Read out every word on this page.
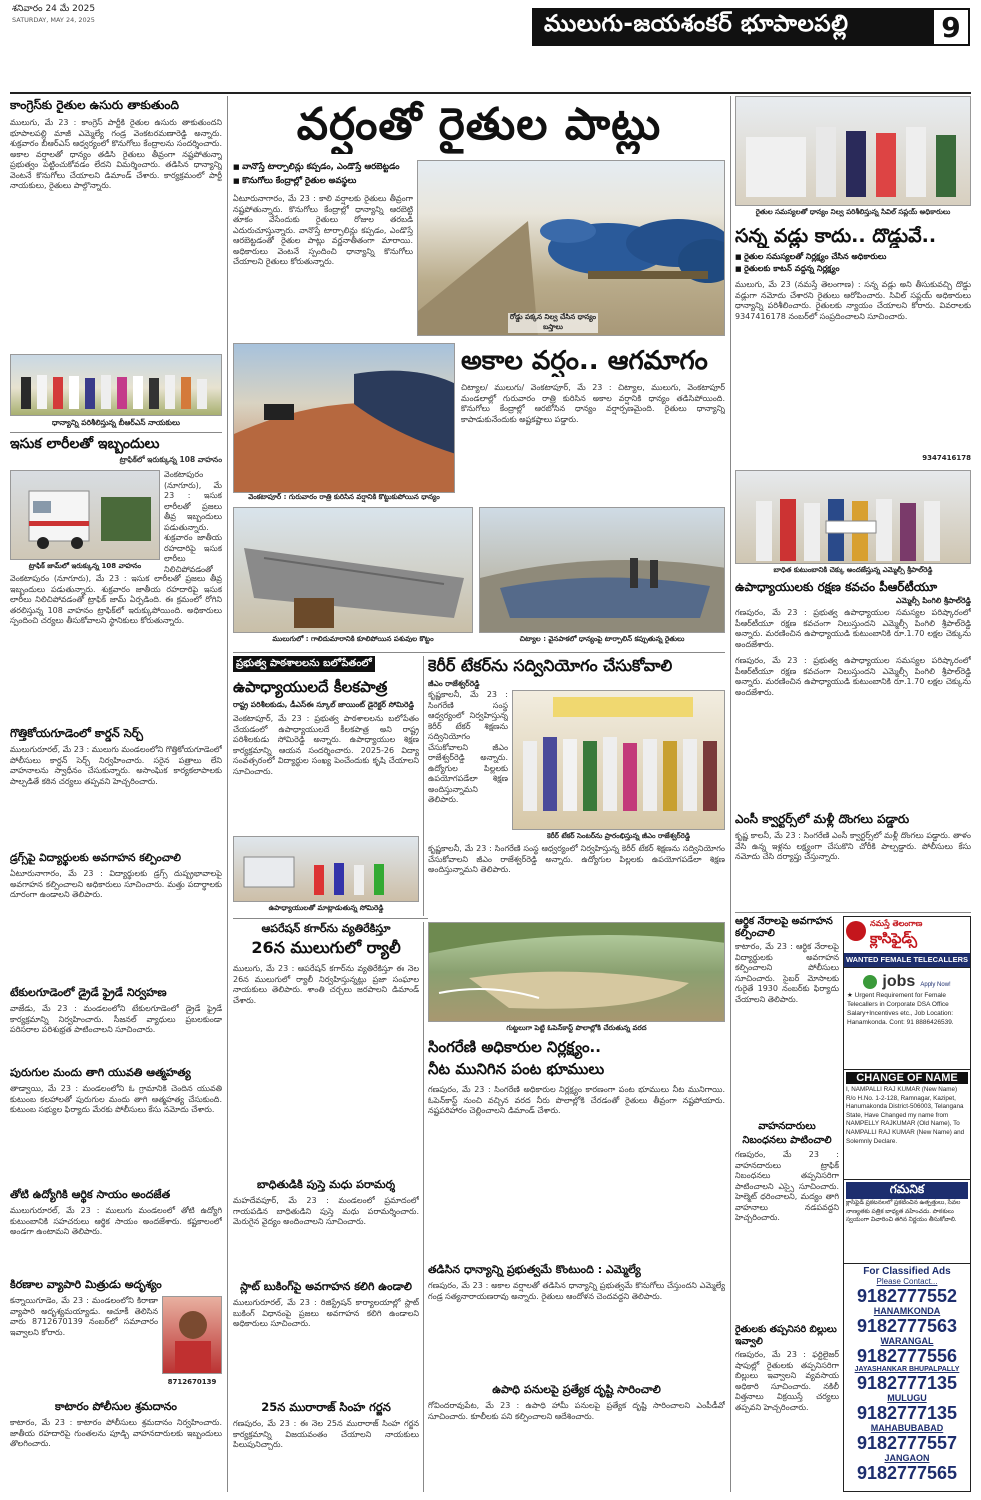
శనివారం 24 మే 2025
SATURDAY, MAY 24, 2025	ములుగు-జయశంకర్ భూపాలపల్లి	9
కాంగ్రెస్‌కు రైతుల ఉసురు తాకుతుంది
ములుగు, మే 23 : కాంగ్రెస్ పార్టీకి రైతుల ఉసురు తాకుతుందని భూపాలపల్లి మాజీ ఎమ్మెల్యే గండ్ర వెంకటరమణారెడ్డి అన్నారు. శుక్రవారం బీఆర్‌ఎస్ ఆధ్వర్యంలో కొనుగోలు కేంద్రాలను సందర్శించారు. అకాల వర్షాలతో ధాన్యం తడిసి రైతులు తీవ్రంగా నష్టపోతున్నా ప్రభుత్వం పట్టించుకోవడం లేదని విమర్శించారు. తడిసిన ధాన్యాన్ని వెంటనే కొనుగోలు చేయాలని డిమాండ్ చేశారు. కార్యక్రమంలో పార్టీ నాయకులు, రైతులు పాల్గొన్నారు.
ధాన్యాన్ని పరిశీలిస్తున్న బీఆర్‌ఎస్ నాయకులు
ఇసుక లారీలతో ఇబ్బందులు
ట్రాఫిక్‌లో ఇరుక్కున్న 108 వాహనం
ట్రాఫిక్ జామ్‌లో ఇరుక్కున్న 108 వాహనం
వెంకటాపురం (నూగూరు), మే 23 : ఇసుక లారీలతో ప్రజలు తీవ్ర ఇబ్బందులు పడుతున్నారు. శుక్రవారం జాతీయ రహదారిపై ఇసుక లారీలు నిలిచిపోవడంతో
వెంకటాపురం (నూగూరు), మే 23 : ఇసుక లారీలతో ప్రజలు తీవ్ర ఇబ్బందులు పడుతున్నారు. శుక్రవారం జాతీయ రహదారిపై ఇసుక లారీలు నిలిచిపోవడంతో ట్రాఫిక్ జామ్ ఏర్పడింది. ఈ క్రమంలో రోగిని తరలిస్తున్న 108 వాహనం ట్రాఫిక్‌లో ఇరుక్కుపోయింది. అధికారులు స్పందించి చర్యలు తీసుకోవాలని స్థానికులు కోరుతున్నారు.
గొత్తికోయగూడెంలో కార్డన్ సెర్చ్
ములుగురూరల్, మే 23 : ములుగు మండలంలోని గొత్తికోయగూడెంలో పోలీసులు కార్డన్ సెర్చ్ నిర్వహించారు. సరైన పత్రాలు లేని వాహనాలను స్వాధీనం చేసుకున్నారు. అసాంఘిక కార్యకలాపాలకు పాల్పడితే కఠిన చర్యలు తప్పవని హెచ్చరించారు.
డ్రగ్స్‌పై విద్యార్థులకు అవగాహన కల్పించాలి
ఏటూరునాగారం, మే 23 : విద్యార్థులకు డ్రగ్స్ దుష్ప్రభావాలపై అవగాహన కల్పించాలని అధికారులు సూచించారు. మత్తు పదార్థాలకు దూరంగా ఉండాలని తెలిపారు.
టేకులగూడెంలో డ్రైడే ఫ్రైడే నిర్వహణ
వాజేడు, మే 23 : మండలంలోని టేకులగూడెంలో డ్రైడే ఫ్రైడే కార్యక్రమాన్ని నిర్వహించారు. సీజనల్ వ్యాధులు ప్రబలకుండా పరిసరాల పరిశుభ్రత పాటించాలని సూచించారు.
పురుగుల మందు తాగి యువతి ఆత్మహత్య
తాడ్వాయి, మే 23 : మండలంలోని ఓ గ్రామానికి చెందిన యువతి కుటుంబ కలహాలతో పురుగుల మందు తాగి ఆత్మహత్య చేసుకుంది. కుటుంబ సభ్యుల ఫిర్యాదు మేరకు పోలీసులు కేసు నమోదు చేశారు.
తోటి ఉద్యోగికి ఆర్థిక సాయం అందజేత
ములుగురూరల్, మే 23 : ములుగు మండలంలో తోటి ఉద్యోగి కుటుంబానికి సహచరులు ఆర్థిక సాయం అందజేశారు. కష్టకాలంలో అండగా ఉంటామని తెలిపారు.
కిరణాల వ్యాపారి మిత్రుడు అదృశ్యం
కన్నాయిగూడెం, మే 23 : మండలంలోని కిరాణా వ్యాపారి అదృశ్యమయ్యాడు. ఆచూకీ తెలిసిన వారు 8712670139 నంబర్‌లో సమాచారం ఇవ్వాలని కోరారు.
8712670139
కాటారం పోలీసుల శ్రమదానం
కాటారం, మే 23 : కాటారం పోలీసులు శ్రమదానం నిర్వహించారు. జాతీయ రహదారిపై గుంతలను పూడ్చి వాహనదారులకు ఇబ్బందులు తొలగించారు.
వర్షంతో రైతుల పాట్లు
■ వానొస్తే టార్పాలిన్లు కప్పడం, ఎండొస్తే ఆరబెట్టడం
■ కొనుగోలు కేంద్రాల్లో రైతుల అవస్థలు
ఏటూరునాగారం, మే 23 : కాలి వర్షాలకు రైతులు తీవ్రంగా నష్టపోతున్నారు. కొనుగోలు కేంద్రాల్లో ధాన్యాన్ని ఆరబెట్టి తూకం వేసేందుకు రైతులు రోజుల తరబడి ఎదురుచూస్తున్నారు. వానొస్తే టార్పాలిన్లు కప్పడం, ఎండొస్తే ఆరబెట్టడంతో రైతుల పాట్లు వర్ణనాతీతంగా మారాయి. అధికారులు వెంటనే స్పందించి ధాన్యాన్ని కొనుగోలు చేయాలని రైతులు కోరుతున్నారు.
రోడ్డు పక్కన నిల్వ చేసిన ధాన్యం బస్తాలు
వెంకటాపూర్ : గురువారం రాత్రి కురిసిన వర్షానికి కొట్టుకుపోయిన ధాన్యం
అకాల వర్షం.. ఆగమాగం
చిట్యాల/ ములుగు/ వెంకటాపూర్, మే 23 : చిట్యాల, ములుగు, వెంకటాపూర్ మండలాల్లో గురువారం రాత్రి కురిసిన అకాల వర్షానికి ధాన్యం తడిసిపోయింది. కొనుగోలు కేంద్రాల్లో ఆరబోసిన ధాన్యం వర్షార్పణమైంది. రైతులు ధాన్యాన్ని కాపాడుకునేందుకు అష్టకష్టాలు పడ్డారు.
ములుగులో : గాలిదుమారానికి కూలిపోయిన పశువుల కొట్టం	చిట్యాల : వైనపాకలో ధాన్యంపై టార్పాలిన్ కప్పుతున్న రైతులు
ప్రభుత్వ పాఠశాలలను బలోపేతంలో
ఉపాధ్యాయులదే కీలకపాత్ర
రాష్ట్ర పరిశీలకుడు, డీఎస్‌ఈ స్కూల్ జాయింట్ డైరెక్టర్ సోమిరెడ్డి
వెంకటాపూర్, మే 23 : ప్రభుత్వ పాఠశాలలను బలోపేతం చేయడంలో ఉపాధ్యాయులదే కీలకపాత్ర అని రాష్ట్ర పరిశీలకుడు సోమిరెడ్డి అన్నారు. ఉపాధ్యాయుల శిక్షణ కార్యక్రమాన్ని ఆయన సందర్శించారు. 2025-26 విద్యా సంవత్సరంలో విద్యార్థుల సంఖ్య పెంచేందుకు కృషి చేయాలని సూచించారు.
ఉపాధ్యాయులతో మాట్లాడుతున్న సోమిరెడ్డి
కెరీర్ టేకర్‌ను సద్వినియోగం చేసుకోవాలి
జీఎం రాజేశ్వర్‌రెడ్డి
కృష్ణకాలనీ, మే 23 : సింగరేణి సంస్థ ఆధ్వర్యంలో నిర్వహిస్తున్న కెరీర్ టేకర్ శిక్షణను సద్వినియోగం చేసుకోవాలని జీఎం రాజేశ్వర్‌రెడ్డి అన్నారు. ఉద్యోగుల పిల్లలకు ఉపయోగపడేలా శిక్షణ అందిస్తున్నామని తెలిపారు.
కెరీర్ టేకర్ సెంటర్‌ను ప్రారంభిస్తున్న జీఎం రాజేశ్వర్‌రెడ్డి
కృష్ణకాలనీ, మే 23 : సింగరేణి సంస్థ ఆధ్వర్యంలో నిర్వహిస్తున్న కెరీర్ టేకర్ శిక్షణను సద్వినియోగం చేసుకోవాలని జీఎం రాజేశ్వర్‌రెడ్డి అన్నారు. ఉద్యోగుల పిల్లలకు ఉపయోగపడేలా శిక్షణ అందిస్తున్నామని తెలిపారు.
ఆపరేషన్ కగార్‌ను వ్యతిరేకిస్తూ
26న ములుగులో ర్యాలీ
ములుగు, మే 23 : ఆపరేషన్ కగార్‌ను వ్యతిరేకిస్తూ ఈ నెల 26న ములుగులో ర్యాలీ నిర్వహిస్తున్నట్లు ప్రజా సంఘాల నాయకులు తెలిపారు. శాంతి చర్చలు జరపాలని డిమాండ్ చేశారు.
బాధితుడికి పుస్తె మధు పరామర్శ
మహదేవపూర్, మే 23 : మండలంలో ప్రమాదంలో గాయపడిన బాధితుడిని పుస్తె మధు పరామర్శించారు. మెరుగైన వైద్యం అందించాలని సూచించారు.
స్లాట్ బుకింగ్‌పై అవగాహన కలిగి ఉండాలి
ములుగురూరల్, మే 23 : రిజిస్ట్రేషన్ కార్యాలయాల్లో స్లాట్ బుకింగ్ విధానంపై ప్రజలు అవగాహన కలిగి ఉండాలని అధికారులు సూచించారు.
25న మురారాజ్ సింహ గర్జన
గణపురం, మే 23 : ఈ నెల 25న మురారాజ్ సింహ గర్జన కార్యక్రమాన్ని విజయవంతం చేయాలని నాయకులు పిలుపునిచ్చారు.
గుట్టలుగా పెట్టి ఓపెన్‌కాస్ట్ పొలాల్లోకి చేరుతున్న వరద
సింగరేణి అధికారుల నిర్లక్ష్యం..
నీట మునిగిన పంట భూములు
గణపురం, మే 23 : సింగరేణి అధికారుల నిర్లక్ష్యం కారణంగా పంట భూములు నీట మునిగాయి. ఓపెన్‌కాస్ట్ నుంచి వచ్చిన వరద నీరు పొలాల్లోకి చేరడంతో రైతులు తీవ్రంగా నష్టపోయారు. నష్టపరిహారం చెల్లించాలని డిమాండ్ చేశారు.
తడిసిన ధాన్యాన్ని ప్రభుత్వమే కొంటుంది : ఎమ్మెల్యే
గణపురం, మే 23 : అకాల వర్షాలతో తడిసిన ధాన్యాన్ని ప్రభుత్వమే కొనుగోలు చేస్తుందని ఎమ్మెల్యే గండ్ర సత్యనారాయణరావు అన్నారు. రైతులు ఆందోళన చెందవద్దని తెలిపారు.
ఉపాధి పనులపై ప్రత్యేక దృష్టి సారించాలి
గోవిందరావుపేట, మే 23 : ఉపాధి హామీ పనులపై ప్రత్యేక దృష్టి సారించాలని ఎంపీడీవో సూచించారు. కూలీలకు పని కల్పించాలని ఆదేశించారు.
రైతుల సమస్యలతో ధాన్యం నిల్వ పరిశీలిస్తున్న సివిల్ సప్లయ్ అధికారులు
సన్న వడ్లు కాదు.. దొడ్డువే..
■ రైతుల సమస్యలతో నిర్లక్ష్యం చేసిన అధికారులు
■ రైతులకు కాటన్ వద్దన్న నిర్లక్ష్యం
ములుగు, మే 23 (నమస్తే తెలంగాణ) : సన్న వడ్లు అని తీసుకువచ్చి దొడ్డు వడ్లుగా నమోదు చేశారని రైతులు ఆరోపించారు. సివిల్ సప్లయ్ అధికారులు ధాన్యాన్ని పరిశీలించారు. రైతులకు న్యాయం చేయాలని కోరారు. వివరాలకు 9347416178 నంబర్‌లో సంప్రదించాలని సూచించారు.
9347416178
బాధిత కుటుంబానికి చెక్కు అందజేస్తున్న ఎమ్మెల్సీ శ్రీపాల్‌రెడ్డి
ఉపాధ్యాయులకు రక్షణ కవచం పీఆర్‌టీయూ
ఎమ్మెల్సీ పింగిలి శ్రీపాల్‌రెడ్డి
గణపురం, మే 23 : ప్రభుత్వ ఉపాధ్యాయుల సమస్యల పరిష్కారంలో పీఆర్‌టీయూ రక్షణ కవచంగా నిలుస్తుందని ఎమ్మెల్సీ పింగిలి శ్రీపాల్‌రెడ్డి అన్నారు. మరణించిన ఉపాధ్యాయుడి కుటుంబానికి రూ.1.70 లక్షల చెక్కును అందజేశారు.
గణపురం, మే 23 : ప్రభుత్వ ఉపాధ్యాయుల సమస్యల పరిష్కారంలో పీఆర్‌టీయూ రక్షణ కవచంగా నిలుస్తుందని ఎమ్మెల్సీ పింగిలి శ్రీపాల్‌రెడ్డి అన్నారు. మరణించిన ఉపాధ్యాయుడి కుటుంబానికి రూ.1.70 లక్షల చెక్కును అందజేశారు.
ఎంసీ క్వార్టర్స్‌లో మళ్లీ దొంగలు పడ్డారు
కృష్ణ కాలనీ, మే 23 : సింగరేణి ఎంసీ క్వార్టర్స్‌లో మళ్లీ దొంగలు పడ్డారు. తాళం వేసి ఉన్న ఇళ్లను లక్ష్యంగా చేసుకొని చోరీకి పాల్పడ్డారు. పోలీసులు కేసు నమోదు చేసి దర్యాప్తు చేస్తున్నారు.
ఆర్థిక నేరాలపై అవగాహన కల్పించాలి
కాటారం, మే 23 : ఆర్థిక నేరాలపై విద్యార్థులకు అవగాహన కల్పించాలని పోలీసులు సూచించారు. సైబర్ మోసాలకు గురైతే 1930 నంబర్‌కు ఫిర్యాదు చేయాలని తెలిపారు.
వాహనదారులు
నిబంధనలు పాటించాలి
గణపురం, మే 23 : వాహనదారులు ట్రాఫిక్ నిబంధనలు తప్పనిసరిగా పాటించాలని ఎస్సై సూచించారు. హెల్మెట్ ధరించాలని, మద్యం తాగి వాహనాలు నడపవద్దని హెచ్చరించారు.
రైతులకు తప్పనిసరి బిల్లులు ఇవ్వాలి
గణపురం, మే 23 : ఫర్టిలైజర్ షాపుల్లో రైతులకు తప్పనిసరిగా బిల్లులు ఇవ్వాలని వ్యవసాయ అధికారి సూచించారు. నకిలీ విత్తనాలు విక్రయిస్తే చర్యలు తప్పవని హెచ్చరించారు.
నమస్తే తెలంగాణ
క్లాసిఫైడ్స్
WANTED FEMALE TELECALLERS
jobs Apply Now!
★ Urgent Requirement for Female Telecallers in Corporate DSA Office Salary+Incentives etc., Job Location: Hanamkonda. Cont: 91 8886426539.
CHANGE OF NAME
I, NAMPALLI RAJ KUMAR (New Name) R/o H.No. 1-2-128, Ramnagar, Kazipet, Hanumakonda District-506003, Telangana State, Have Changed my name from NAMPELLY RAJKUMAR (Old Name), To NAMPALLI RAJ KUMAR (New Name) and Solemnly Declare.
గమనిక
క్లాసిఫైడ్ ప్రకటనలలో ప్రకటించిన ఉత్పత్తులు, సేవల నాణ్యతకు పత్రిక బాధ్యత వహించదు. పాఠకులు స్వయంగా విచారించి తగిన నిర్ణయం తీసుకోవాలి.
For Classified Ads
Please Contact...
9182777552
HANAMKONDA
9182777563
WARANGAL
9182777556
JAYASHANKAR BHUPALPALLY
9182777135
MULUGU
9182777135
MAHABUBABAD
9182777557
JANGAON
9182777565
